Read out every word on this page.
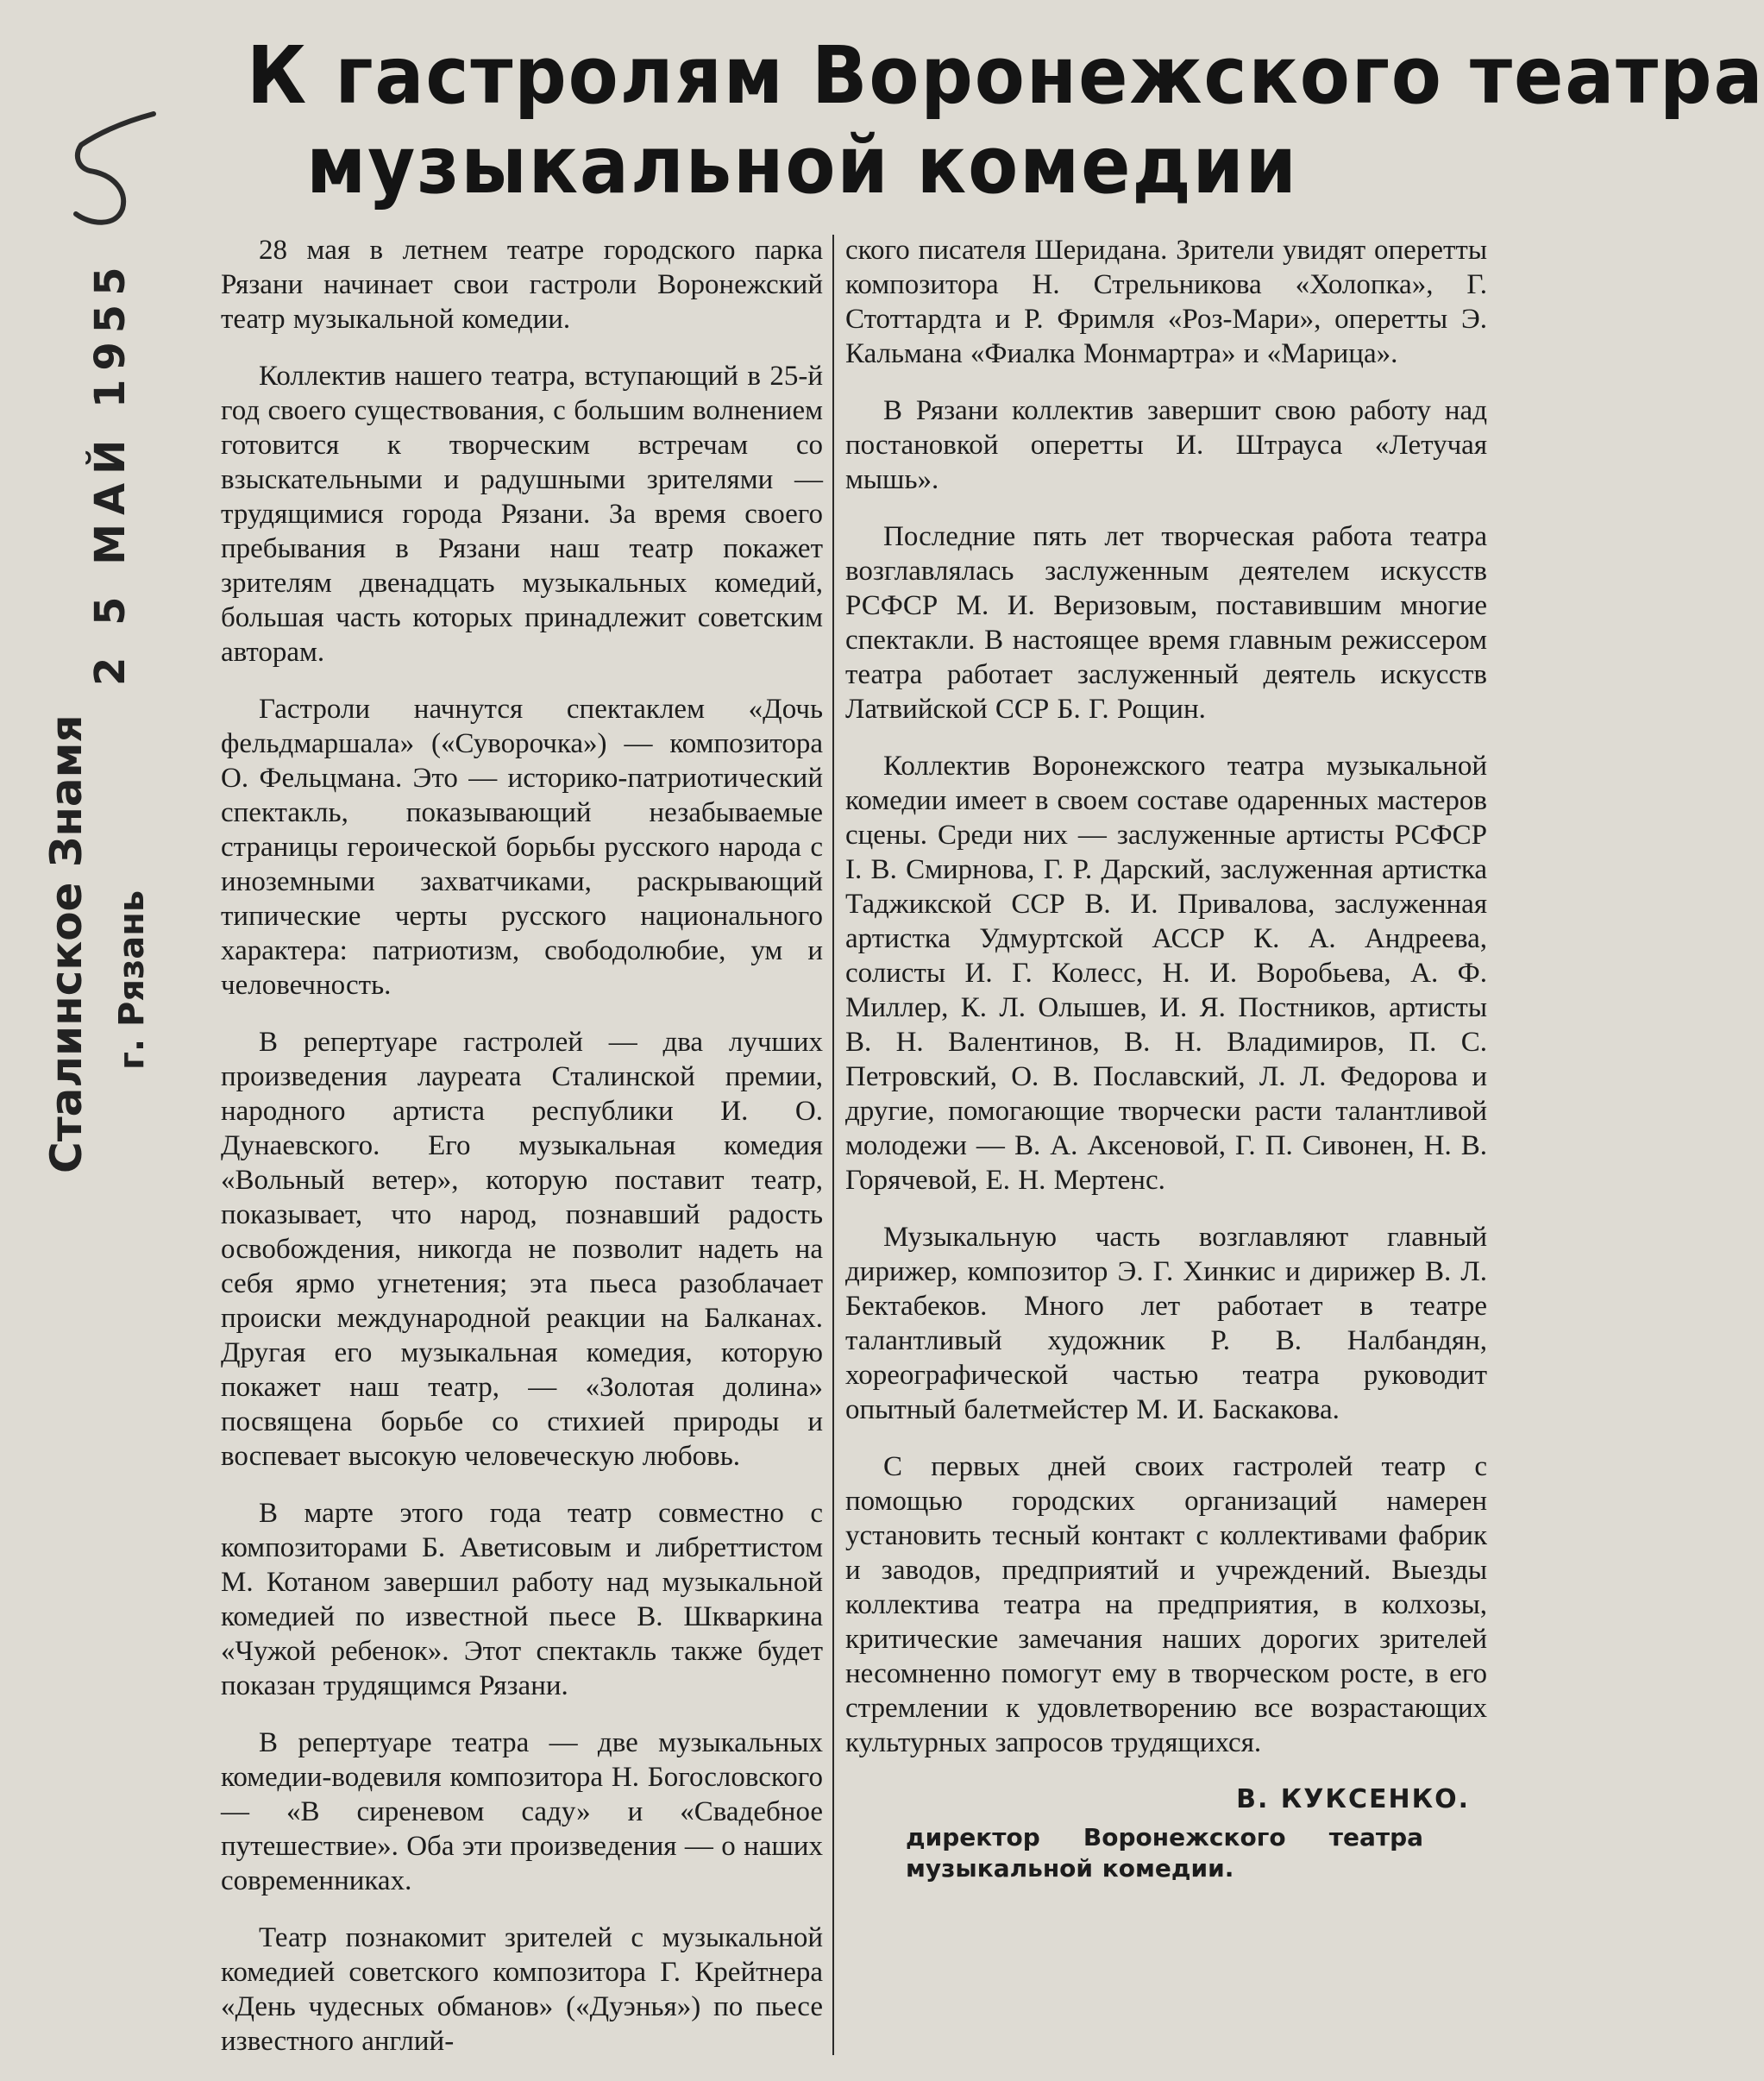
К гастролям Воронежского театра
музыкальной комедии
2 5 МАЙ 1955
Сталинское Знамя г. Рязань

28 мая в летнем театре городского парка Рязани начинает свои гастроли Воронежский театр музыкальной комедии.

Коллектив нашего театра, вступающий в 25-й год своего существования, с большим волнением готовится к творческим встречам со взыскательными и радушными зрителями — трудящимися города Рязани. За время своего пребывания в Рязани наш театр покажет зрителям двенадцать музыкальных комедий, большая часть которых принадлежит советским авторам.

Гастроли начнутся спектаклем «Дочь фельдмаршала» («Суворочка») — композитора О. Фельцмана. Это — историко-патриотический спектакль, показывающий незабываемые страницы героической борьбы русского народа с иноземными захватчиками, раскрывающий типические черты русского национального характера: патриотизм, свободолюбие, ум и человечность.

В репертуаре гастролей — два лучших произведения лауреата Сталинской премии, народного артиста республики И. О. Дунаевского. Его музыкальная комедия «Вольный ветер», которую поставит театр, показывает, что народ, познавший радость освобождения, никогда не позволит надеть на себя ярмо угнетения; эта пьеса разоблачает происки международной реакции на Балканах. Другая его музыкальная комедия, которую покажет наш театр, — «Золотая долина» посвящена борьбе со стихией природы и воспевает высокую человеческую любовь.

В марте этого года театр совместно с композиторами Б. Аветисовым и либреттистом М. Котаном завершил работу над музыкальной комедией по известной пьесе В. Шкваркина «Чужой ребенок». Этот спектакль также будет показан трудящимся Рязани.

В репертуаре театра — две музыкальных комедии-водевиля композитора Н. Богословского — «В сиреневом саду» и «Свадебное путешествие». Оба эти произведения — о наших современниках.

Театр познакомит зрителей с музыкальной комедией советского композитора Г. Крейтнера «День чудесных обманов» («Дуэнья») по пьесе известного англий-

ского писателя Шеридана. Зрители увидят оперетты композитора Н. Стрельникова «Холопка», Г. Стоттардта и Р. Фримля «Роз-Мари», оперетты Э. Кальмана «Фиалка Монмартра» и «Марица».

В Рязани коллектив завершит свою работу над постановкой оперетты И. Штрауса «Летучая мышь».

Последние пять лет творческая работа театра возглавлялась заслуженным деятелем искусств РСФСР М. И. Веризовым, поставившим многие спектакли. В настоящее время главным режиссером театра работает заслуженный деятель искусств Латвийской ССР Б. Г. Рощин.

Коллектив Воронежского театра музыкальной комедии имеет в своем составе одаренных мастеров сцены. Среди них — заслуженные артисты РСФСР I. В. Смирнова, Г. Р. Дарский, заслуженная артистка Таджикской ССР В. И. Привалова, заслуженная артистка Удмуртской АССР К. А. Андреева, солисты И. Г. Колесс, Н. И. Воробьева, А. Ф. Миллер, К. Л. Олышев, И. Я. Постников, артисты В. Н. Валентинов, В. Н. Владимиров, П. С. Петровский, О. В. Пославский, Л. Л. Федорова и другие, помогающие творчески расти талантливой молодежи — В. А. Аксеновой, Г. П. Сивонен, Н. В. Горячевой, Е. Н. Мертенс.

Музыкальную часть возглавляют главный дирижер, композитор Э. Г. Хинкис и дирижер В. Л. Бектабеков. Много лет работает в театре талантливый художник Р. В. Налбандян, хореографической частью театра руководит опытный балетмейстер М. И. Баскакова.

С первых дней своих гастролей театр с помощью городских организаций намерен установить тесный контакт с коллективами фабрик и заводов, предприятий и учреждений. Выезды коллектива театра на предприятия, в колхозы, критические замечания наших дорогих зрителей несомненно помогут ему в творческом росте, в его стремлении к удовлетворению все возрастающих культурных запросов трудящихся.

В. КУКСЕНКО.
директор Воронежского театра музыкальной комедии.
